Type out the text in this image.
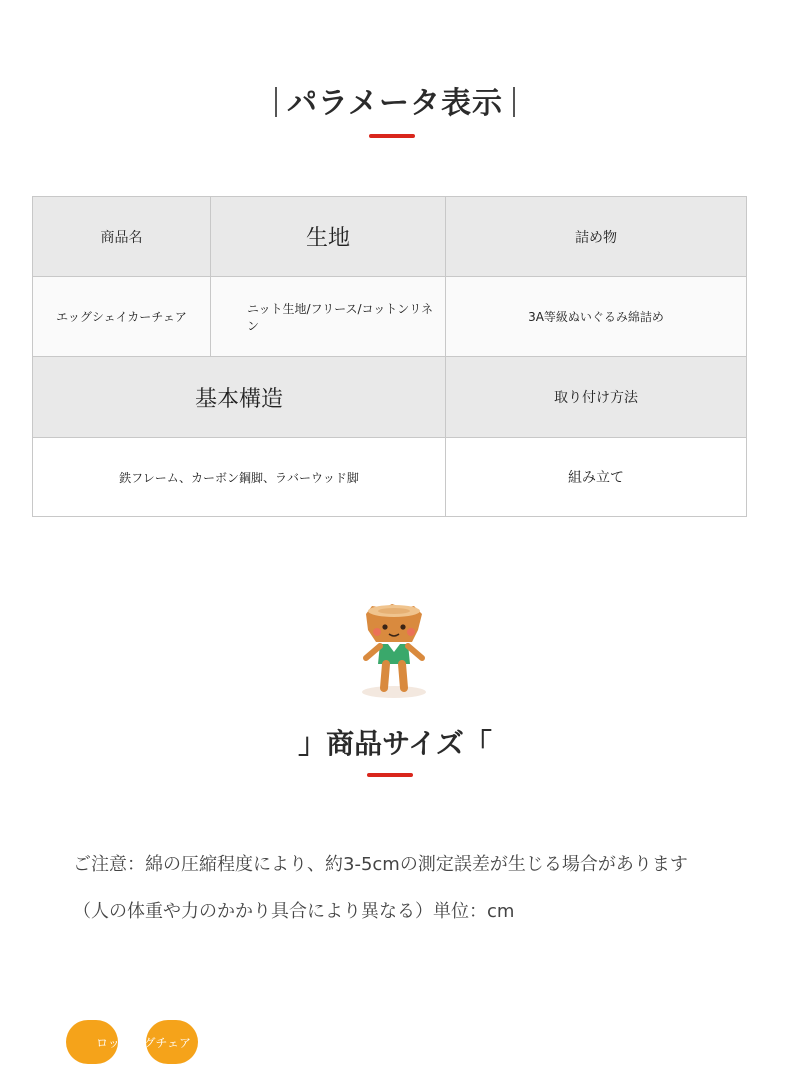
パラメータ表示
商品名	生地	詰め物
エッグシェイカーチェア	ニット生地/フリース/コットンリネン	3A等級ぬいぐるみ綿詰め
基本構造		取り付け方法
鉄フレーム、カーボン鋼脚、ラバーウッド脚		組み立て
」商品サイズ「
ご注意：綿の圧縮程度により、約3-5cmの測定誤差が生じる場合があります
（人の体重や力のかかり具合により異なる）単位：cm
ロッキングチェア
